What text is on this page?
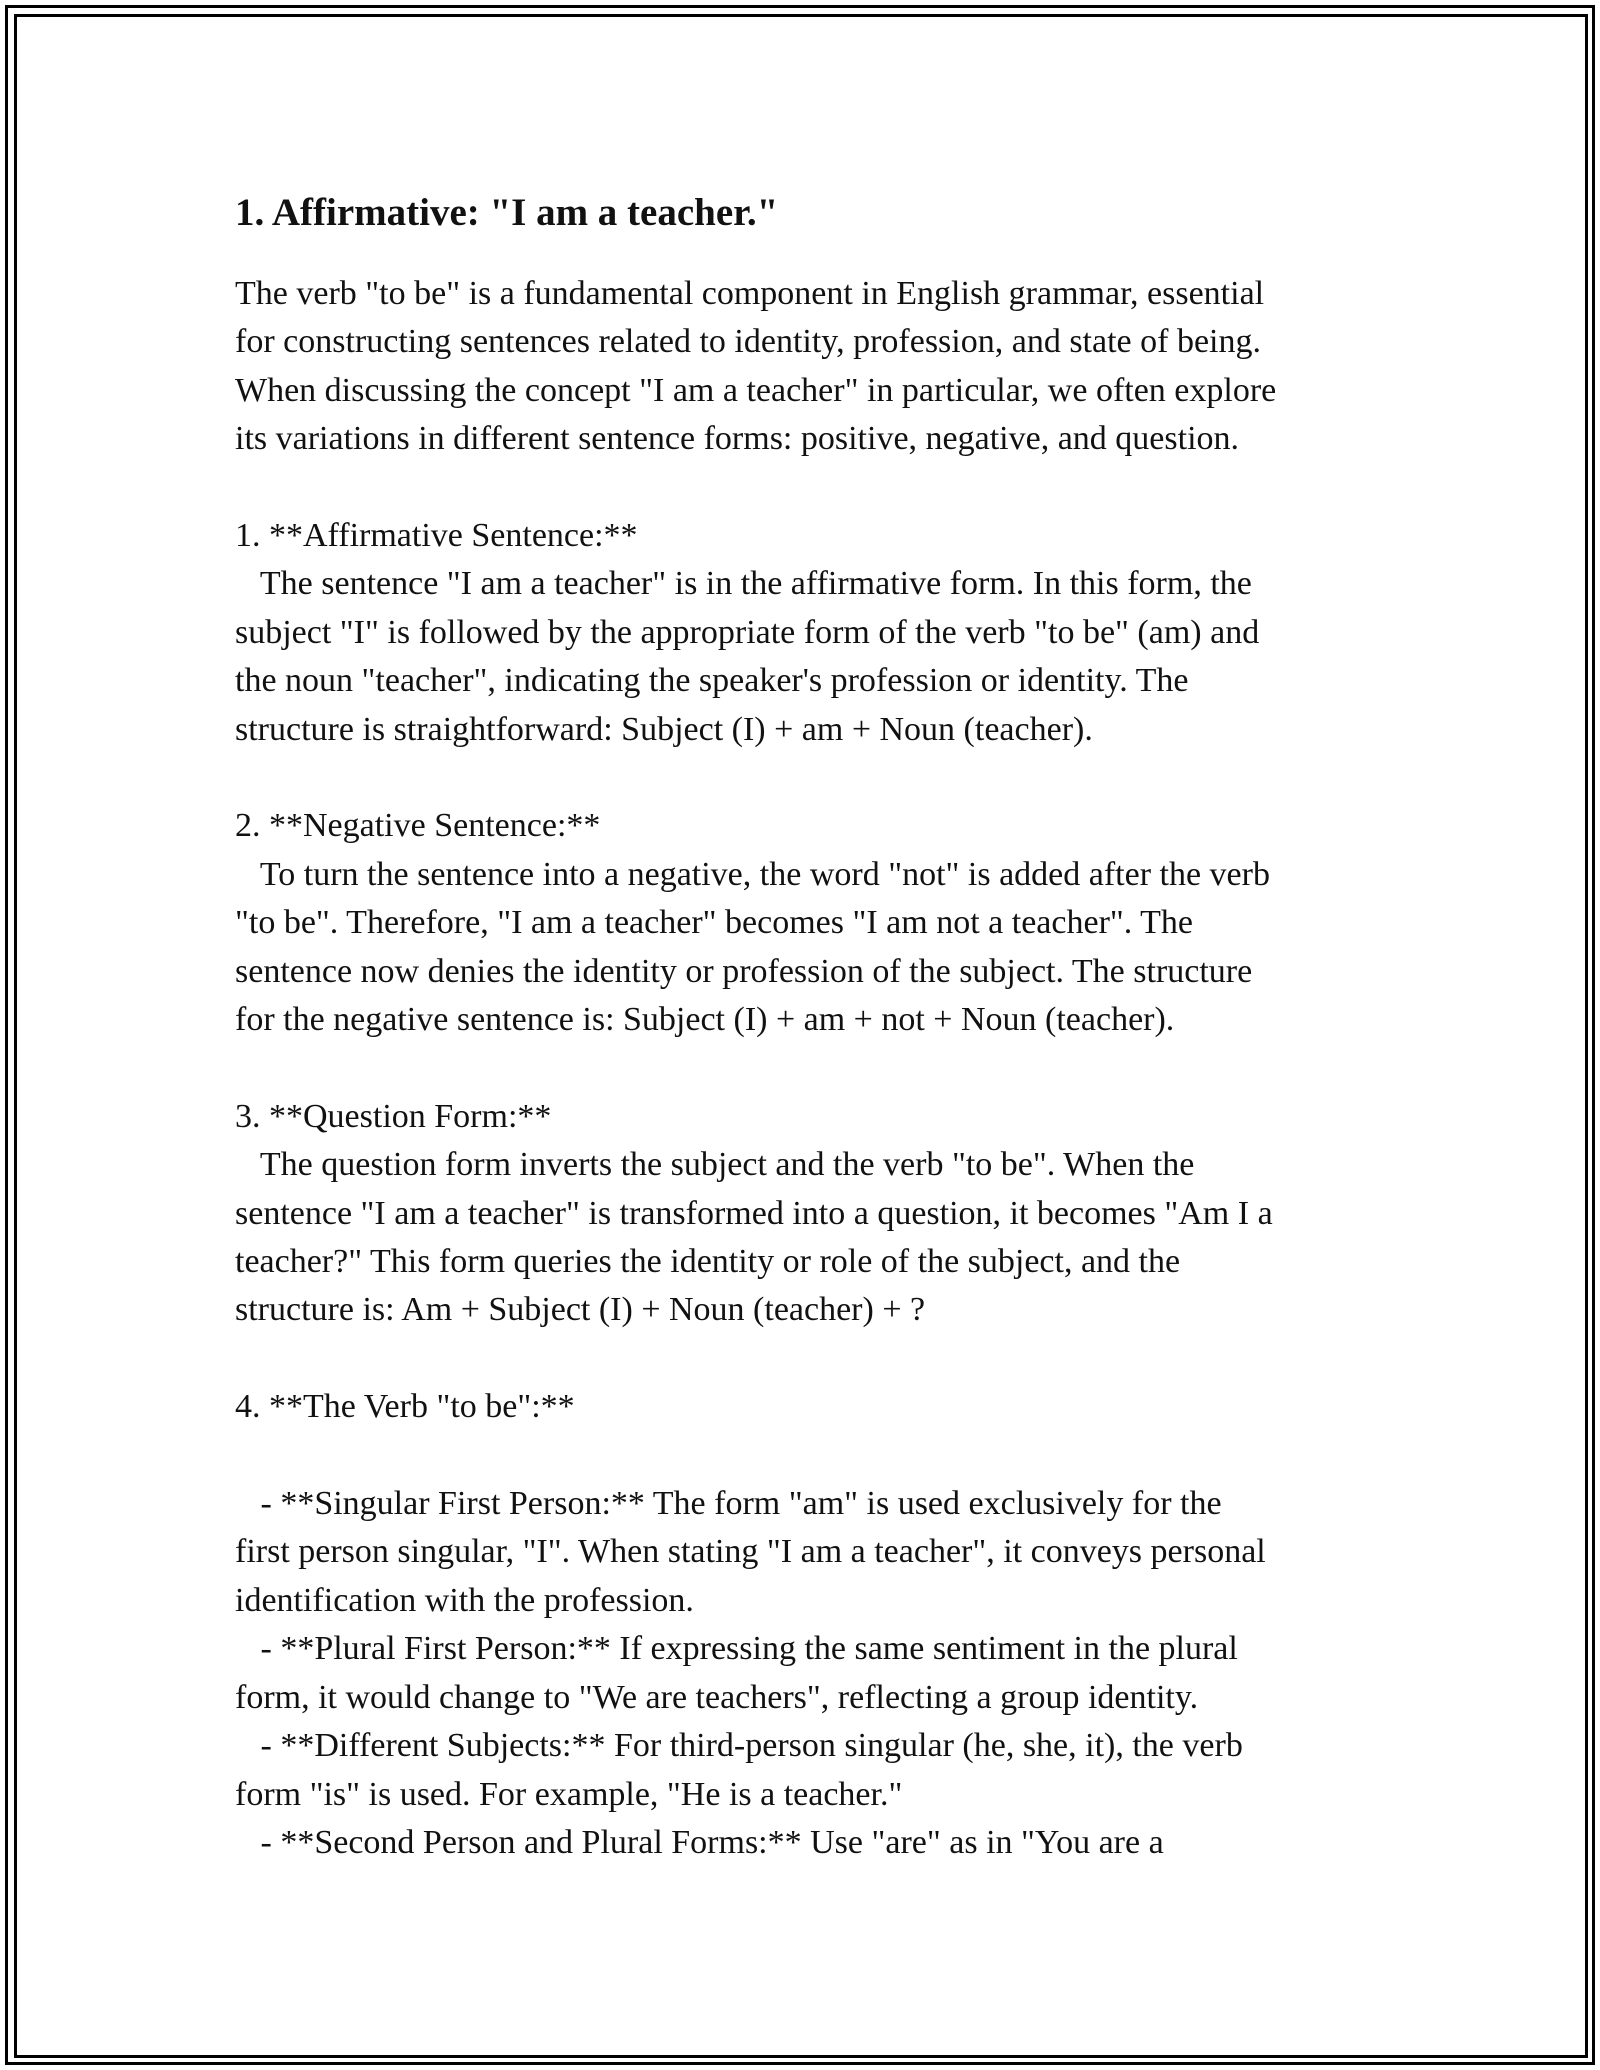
1. Affirmative: "I am a teacher."
The verb "to be" is a fundamental component in English grammar, essential
for constructing sentences related to identity, profession, and state of being.
When discussing the concept "I am a teacher" in particular, we often explore
its variations in different sentence forms: positive, negative, and question.
1. **Affirmative Sentence:**
The sentence "I am a teacher" is in the affirmative form. In this form, the
subject "I" is followed by the appropriate form of the verb "to be" (am) and
the noun "teacher", indicating the speaker's profession or identity. The
structure is straightforward: Subject (I) + am + Noun (teacher).
2. **Negative Sentence:**
To turn the sentence into a negative, the word "not" is added after the verb
"to be". Therefore, "I am a teacher" becomes "I am not a teacher". The
sentence now denies the identity or profession of the subject. The structure
for the negative sentence is: Subject (I) + am + not + Noun (teacher).
3. **Question Form:**
The question form inverts the subject and the verb "to be". When the
sentence "I am a teacher" is transformed into a question, it becomes "Am I a
teacher?" This form queries the identity or role of the subject, and the
structure is: Am + Subject (I) + Noun (teacher) + ?
4. **The Verb "to be":**
- **Singular First Person:** The form "am" is used exclusively for the
first person singular, "I". When stating "I am a teacher", it conveys personal
identification with the profession.
- **Plural First Person:** If expressing the same sentiment in the plural
form, it would change to "We are teachers", reflecting a group identity.
- **Different Subjects:** For third-person singular (he, she, it), the verb
form "is" is used. For example, "He is a teacher."
- **Second Person and Plural Forms:** Use "are" as in "You are a
